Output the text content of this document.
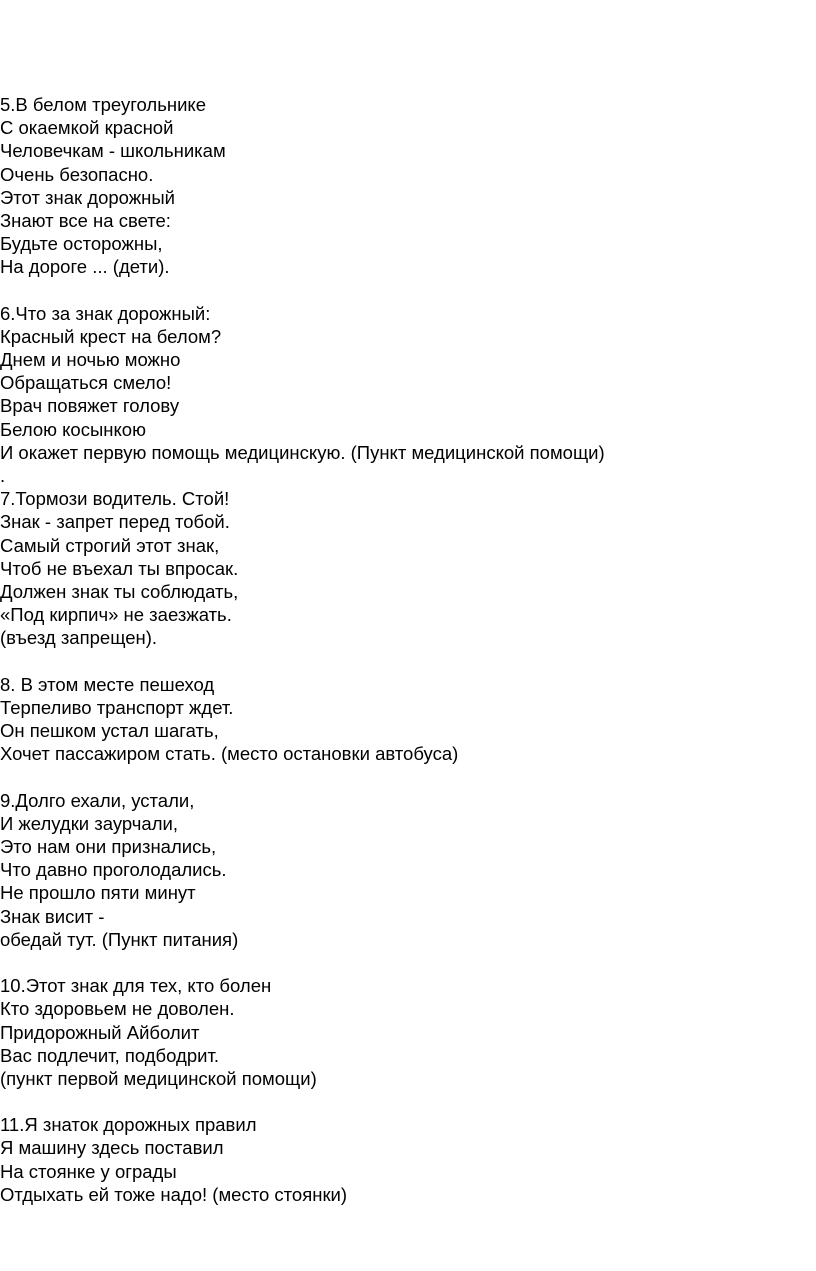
5.В белом треугольнике
С окаемкой красной
Человечкам - школьникам
Очень безопасно.
Этот знак дорожный
Знают все на свете:
Будьте осторожны,
На дороге ... (дети).
6.Что за знак дорожный:
Красный крест на белом?
Днем и ночью можно
Обращаться смело!
Врач повяжет голову
Белою косынкою
И окажет первую помощь медицинскую. (Пункт медицинской помощи)
.
7.Тормози водитель. Стой!
Знак - запрет перед тобой.
Самый строгий этот знак,
Чтоб не въехал ты впросак.
Должен знак ты соблюдать,
«Под кирпич» не заезжать.
(въезд запрещен).
8. В этом месте пешеход
Терпеливо транспорт ждет.
Он пешком устал шагать,
Хочет пассажиром стать. (место остановки автобуса)
9.Долго ехали, устали,
И желудки заурчали,
Это нам они признались,
Что давно проголодались.
Не прошло пяти минут
Знак висит -
обедай тут. (Пункт питания)
10.Этот знак для тех, кто болен
Кто здоровьем не доволен.
Придорожный Айболит
Вас подлечит, подбодрит.
(пункт первой медицинской помощи)
11.Я знаток дорожных правил
Я машину здесь поставил
На стоянке у ограды
Отдыхать ей тоже надо! (место стоянки)
